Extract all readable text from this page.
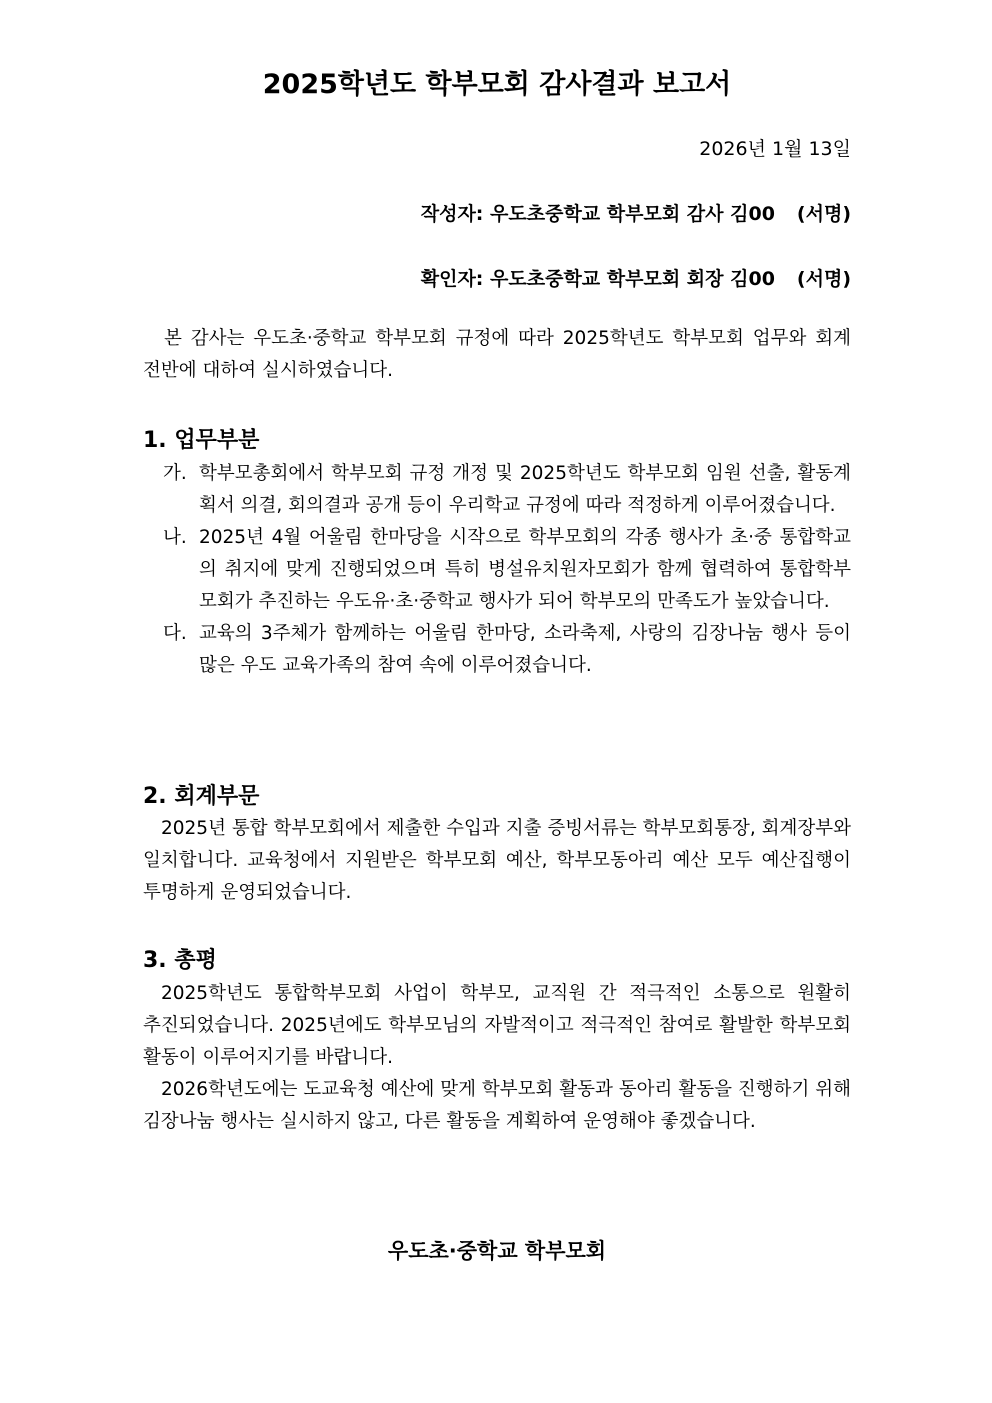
2025학년도 학부모회 감사결과 보고서
2026년 1월 13일
작성자: 우도초중학교 학부모회 감사 김00 (서명)
확인자: 우도초중학교 학부모회 회장 김00 (서명)

본 감사는 우도초·중학교 학부모회 규정에 따라 2025학년도 학부모회 업무와 회계 전반에 대하여 실시하였습니다.

1. 업무부분
가. 학부모총회에서 학부모회 규정 개정 및 2025학년도 학부모회 임원 선출, 활동계획서 의결, 회의결과 공개 등이 우리학교 규정에 따라 적정하게 이루어졌습니다.
나. 2025년 4월 어울림 한마당을 시작으로 학부모회의 각종 행사가 초·중 통합학교의 취지에 맞게 진행되었으며 특히 병설유치원자모회가 함께 협력하여 통합학부모회가 추진하는 우도유·초·중학교 행사가 되어 학부모의 만족도가 높았습니다.
다. 교육의 3주체가 함께하는 어울림 한마당, 소라축제, 사랑의 김장나눔 행사 등이 많은 우도 교육가족의 참여 속에 이루어졌습니다.
2. 회계부문

2025년 통합 학부모회에서 제출한 수입과 지출 증빙서류는 학부모회통장, 회계장부와 일치합니다. 교육청에서 지원받은 학부모회 예산, 학부모동아리 예산 모두 예산집행이 투명하게 운영되었습니다.

3. 총평

2025학년도 통합학부모회 사업이 학부모, 교직원 간 적극적인 소통으로 원활히 추진되었습니다. 2025년에도 학부모님의 자발적이고 적극적인 참여로 활발한 학부모회 활동이 이루어지기를 바랍니다.

2026학년도에는 도교육청 예산에 맞게 학부모회 활동과 동아리 활동을 진행하기 위해 김장나눔 행사는 실시하지 않고, 다른 활동을 계획하여 운영해야 좋겠습니다.

우도초·중학교 학부모회
